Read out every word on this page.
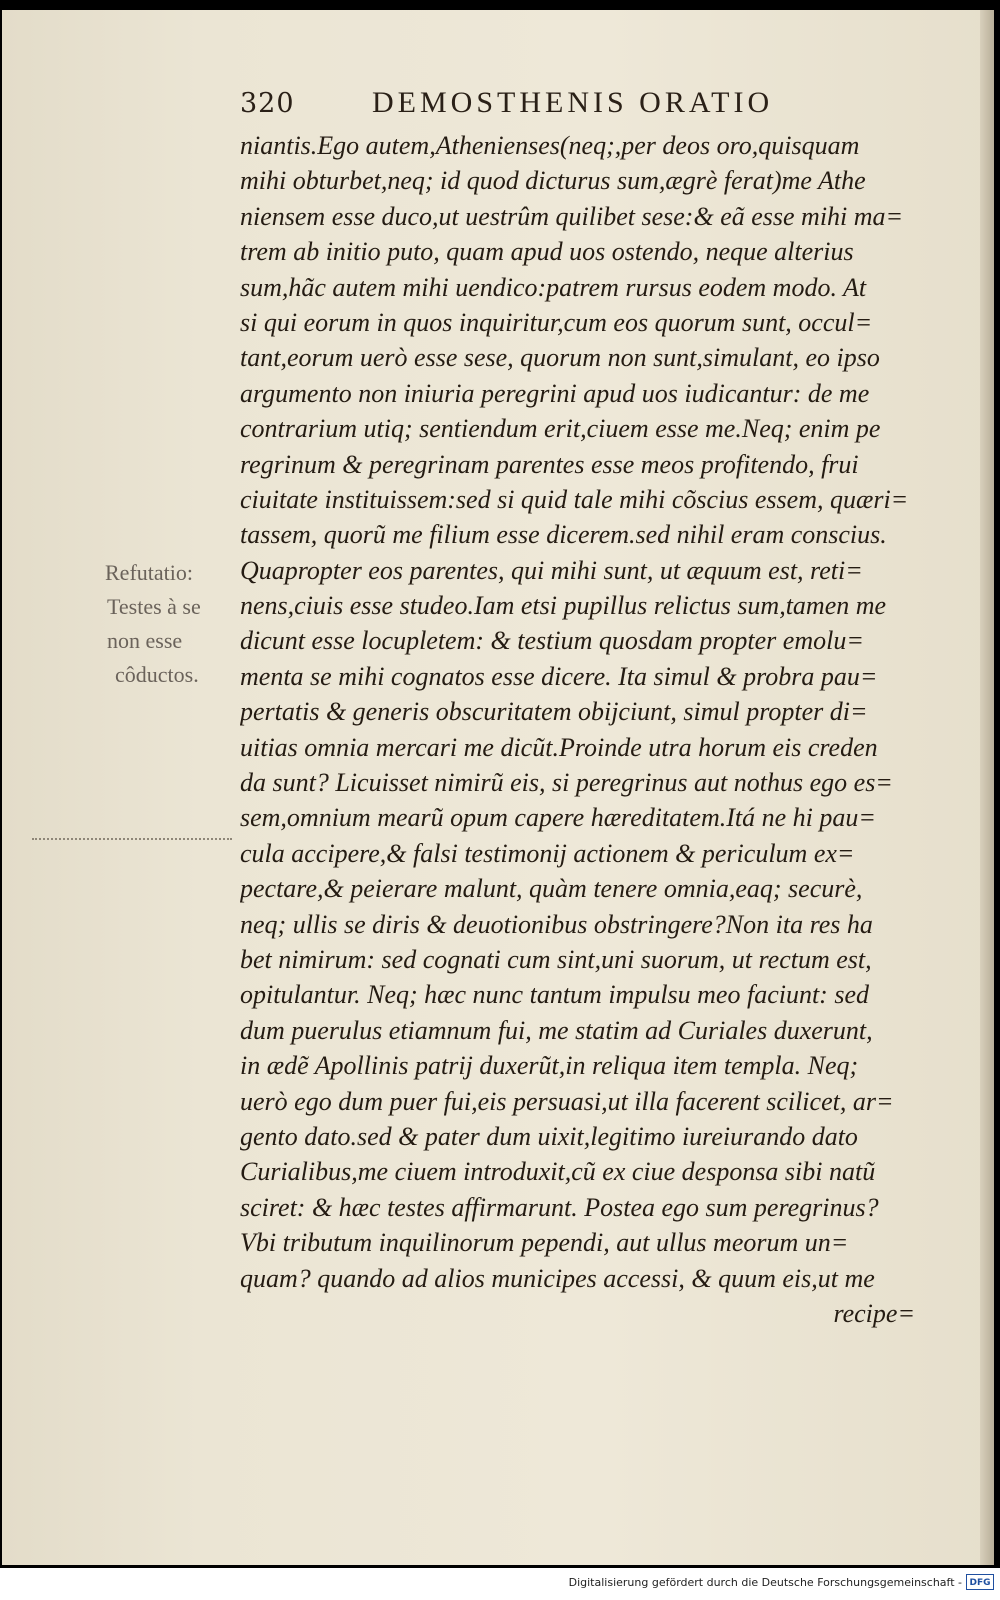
320	DEMOSTHENIS ORATIO
Refutatio:
Testes à se
non esse
côductos.
niantis.Ego autem,Athenienses(neq;,per deos oro,quisquam
mihi obturbet,neq; id quod dicturus sum,ægrè ferat)me Athe
niensem esse duco,ut uestrûm quilibet sese:& eã esse mihi ma=
trem ab initio puto, quam apud uos ostendo, neque alterius
sum,hãc autem mihi uendico:patrem rursus eodem modo. At
si qui eorum in quos inquiritur,cum eos quorum sunt, occul=
tant,eorum uerò esse sese, quorum non sunt,simulant, eo ipso
argumento non iniuria peregrini apud uos iudicantur: de me
contrarium utiq; sentiendum erit,ciuem esse me.Neq; enim pe
regrinum & peregrinam parentes esse meos profitendo, frui
ciuitate instituissem:sed si quid tale mihi cõscius essem, quæri=
tassem, quorũ me filium esse dicerem.sed nihil eram conscius.
Quapropter eos parentes, qui mihi sunt, ut æquum est, reti=
nens,ciuis esse studeo.Iam etsi pupillus relictus sum,tamen me
dicunt esse locupletem: & testium quosdam propter emolu=
menta se mihi cognatos esse dicere. Ita simul & probra pau=
pertatis & generis obscuritatem obijciunt, simul propter di=
uitias omnia mercari me dicũt.Proinde utra horum eis creden
da sunt? Licuisset nimirũ eis, si peregrinus aut nothus ego es=
sem,omnium mearũ opum capere hæreditatem.Itá ne hi pau=
cula accipere,& falsi testimonij actionem & periculum ex=
pectare,& peierare malunt, quàm tenere omnia,eaq; securè,
neq; ullis se diris & deuotionibus obstringere?Non ita res ha
bet nimirum: sed cognati cum sint,uni suorum, ut rectum est,
opitulantur. Neq; hæc nunc tantum impulsu meo faciunt: sed
dum puerulus etiamnum fui, me statim ad Curiales duxerunt,
in ædẽ Apollinis patrij duxerũt,in reliqua item templa. Neq;
uerò ego dum puer fui,eis persuasi,ut illa facerent scilicet, ar=
gento dato.sed & pater dum uixit,legitimo iureiurando dato
Curialibus,me ciuem introduxit,cũ ex ciue desponsa sibi natũ
sciret: & hæc testes affirmarunt. Postea ego sum peregrinus?
Vbi tributum inquilinorum pependi, aut ullus meorum un=
quam? quando ad alios municipes accessi, & quum eis,ut me
recipe=
Digitalisierung gefördert durch die Deutsche Forschungsgemeinschaft - DFG
